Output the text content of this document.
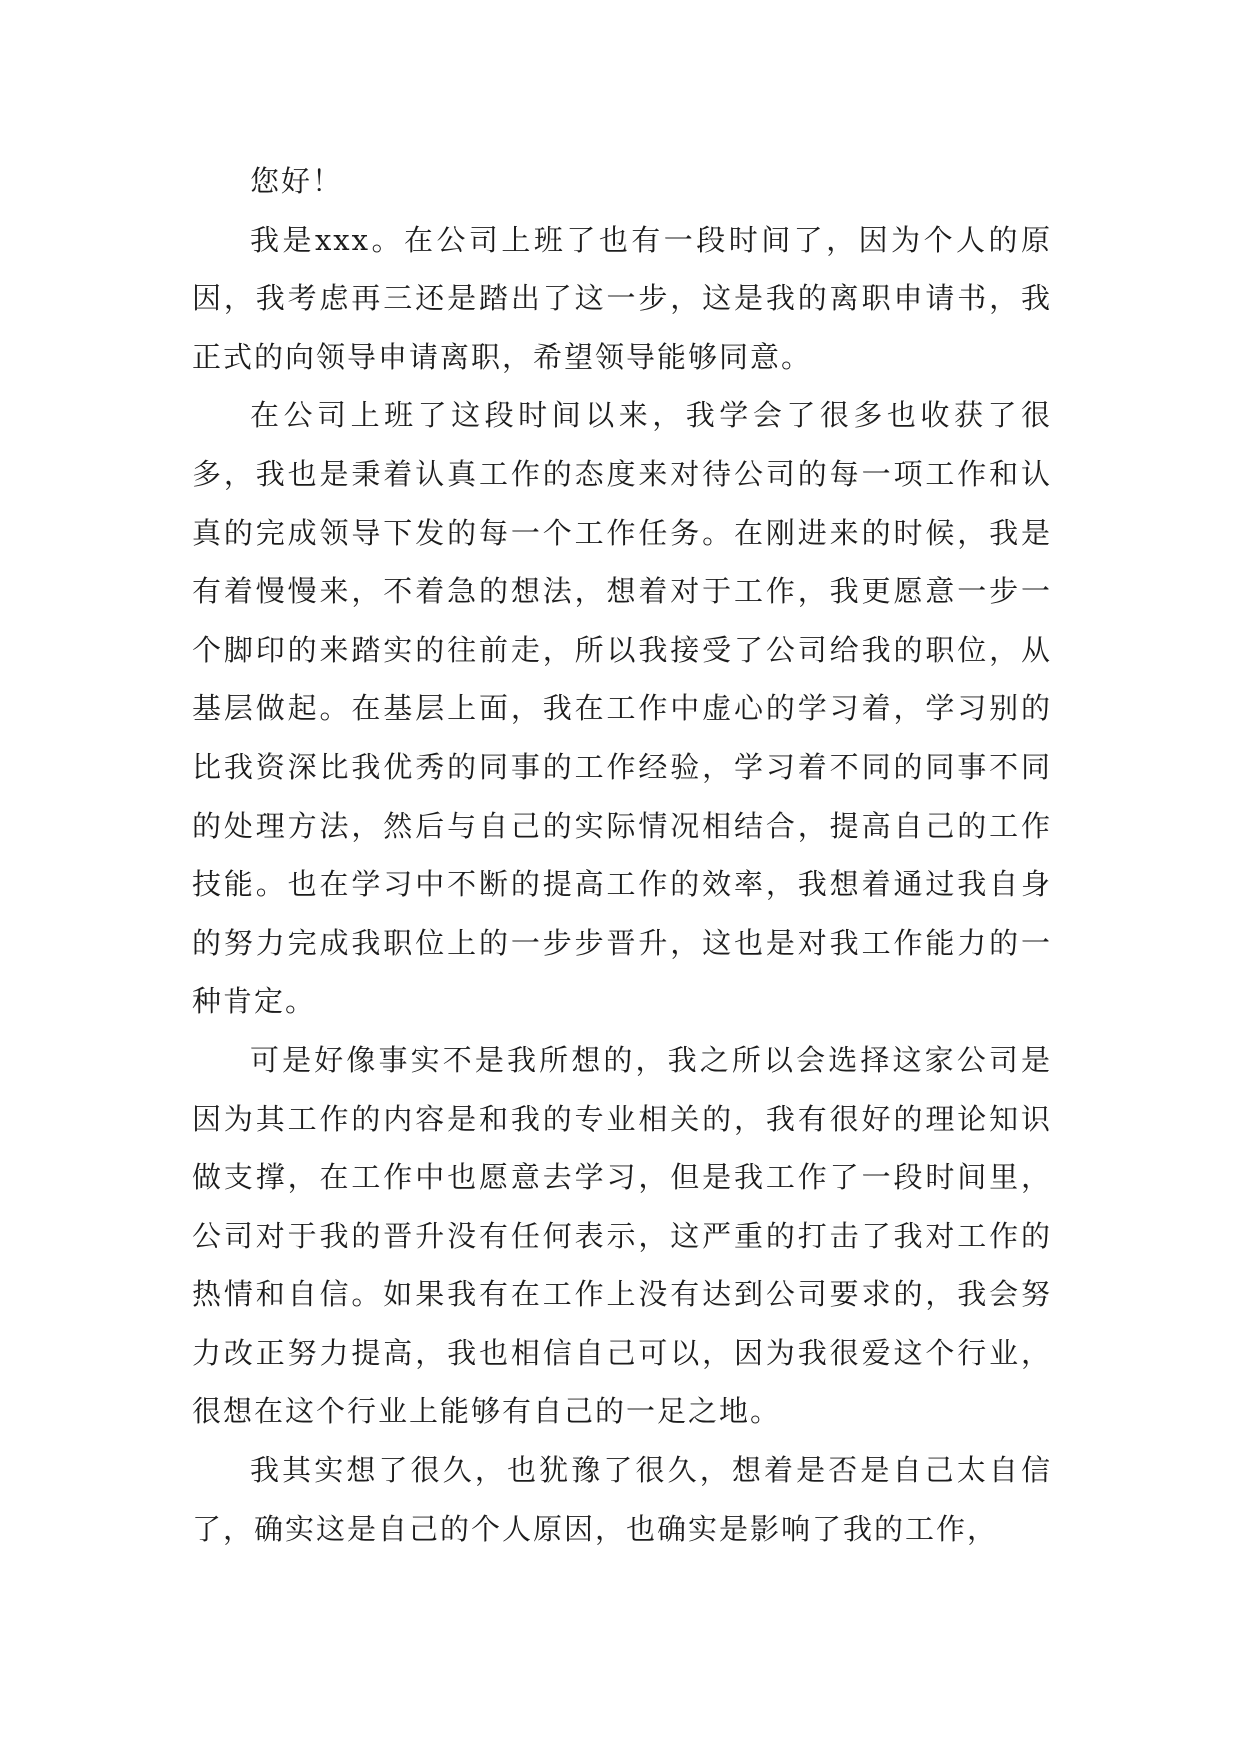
您好！

我是xxx。在公司上班了也有一段时间了，因为个人的原因，我考虑再三还是踏出了这一步，这是我的离职申请书，我正式的向领导申请离职，希望领导能够同意。

在公司上班了这段时间以来，我学会了很多也收获了很多，我也是秉着认真工作的态度来对待公司的每一项工作和认真的完成领导下发的每一个工作任务。在刚进来的时候，我是有着慢慢来，不着急的想法，想着对于工作，我更愿意一步一个脚印的来踏实的往前走，所以我接受了公司给我的职位，从基层做起。在基层上面，我在工作中虚心的学习着，学习别的比我资深比我优秀的同事的工作经验，学习着不同的同事不同的处理方法，然后与自己的实际情况相结合，提高自己的工作技能。也在学习中不断的提高工作的效率，我想着通过我自身的努力完成我职位上的一步步晋升，这也是对我工作能力的一种肯定。

可是好像事实不是我所想的，我之所以会选择这家公司是因为其工作的内容是和我的专业相关的，我有很好的理论知识做支撑，在工作中也愿意去学习，但是我工作了一段时间里，公司对于我的晋升没有任何表示，这严重的打击了我对工作的热情和自信。如果我有在工作上没有达到公司要求的，我会努力改正努力提高，我也相信自己可以，因为我很爱这个行业，很想在这个行业上能够有自己的一足之地。

我其实想了很久，也犹豫了很久，想着是否是自己太自信了，确实这是自己的个人原因，也确实是影响了我的工作，
